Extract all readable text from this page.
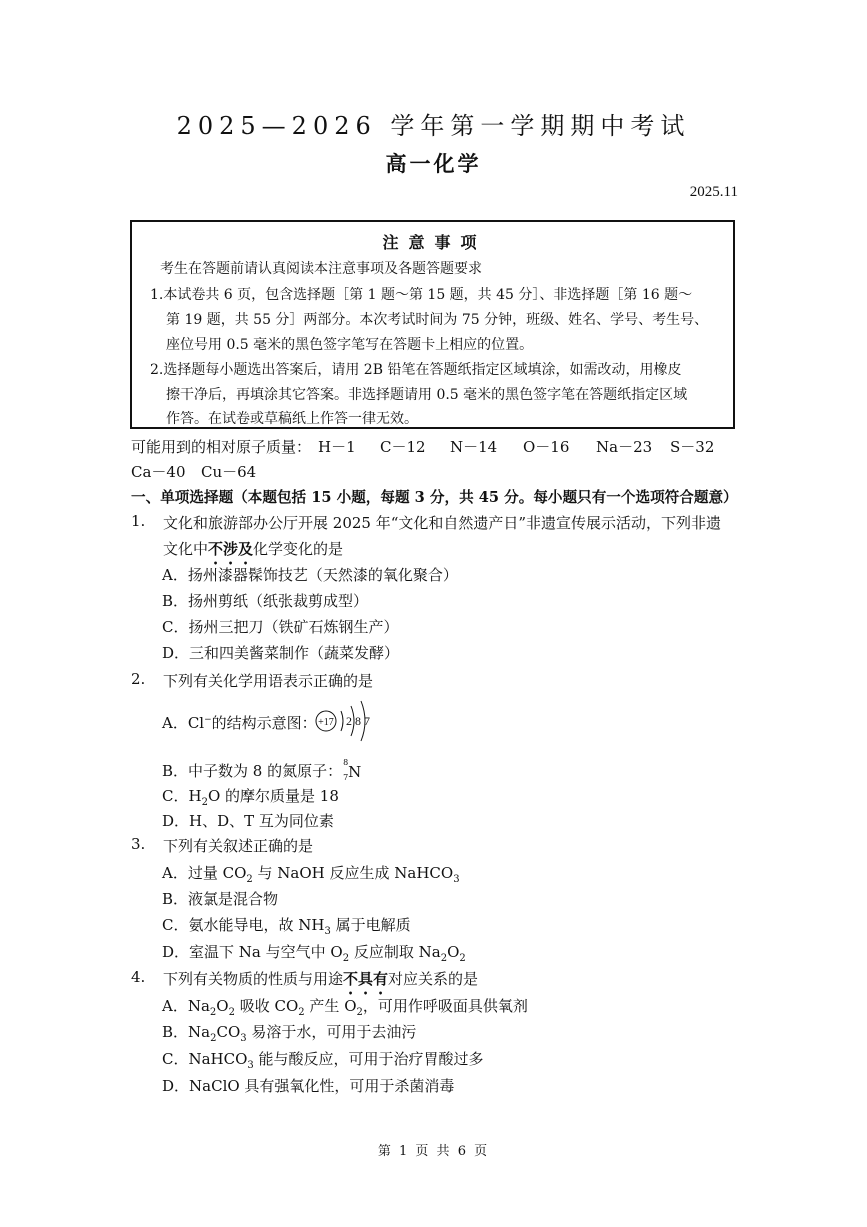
2025—2026 学年第一学期期中考试
高一化学
2025.11
注意事项
考生在答题前请认真阅读本注意事项及各题答题要求
1.本试卷共 6 页，包含选择题［第 1 题～第 15 题，共 45 分］、非选择题［第 16 题～
第 19 题，共 55 分］两部分。本次考试时间为 75 分钟，班级、姓名、学号、考生号、
座位号用 0.5 毫米的黑色签字笔写在答题卡上相应的位置。
2.选择题每小题选出答案后，请用 2B 铅笔在答题纸指定区域填涂，如需改动，用橡皮
擦干净后，再填涂其它答案。非选择题请用 0.5 毫米的黑色签字笔在答题纸指定区域
作答。在试卷或草稿纸上作答一律无效。
可能用到的相对原子质量： H－1 C－12 N－14 O－16 Na－23 S－32
Ca－40 Cu－64
一、单项选择题（本题包括 15 小题，每题 3 分，共 45 分。每小题只有一个选项符合题意）
1. 文化和旅游部办公厅开展 2025 年“文化和自然遗产日”非遗宣传展示活动，下列非遗
文化中不涉及化学变化的是
A．扬州漆器髹饰技艺（天然漆的氧化聚合）
B．扬州剪纸（纸张裁剪成型）
C．扬州三把刀（铁矿石炼钢生产）
D．三和四美酱菜制作（蔬菜发酵）
2. 下列有关化学用语表示正确的是
A．Cl−的结构示意图： +17 2 8 7
B．中子数为 8 的氮原子： 8
7 N
C．$H_2O$ 的摩尔质量是 18
D．H、D、T 互为同位素
3. 下列有关叙述正确的是
A．过量 $CO_2$ 与 NaOH 反应生成 NaHCO$_3$
B．液氯是混合物
C．氨水能导电，故 $NH_3$ 属于电解质
D．室温下 Na 与空气中 $O_2$ 反应制取 $Na_2O_2$
4. 下列有关物质的性质与用途不具有对应关系的是
A．$Na_2O_2$ 吸收 $CO_2$ 产生 $O_2$，可用作呼吸面具供氧剂
B．$Na_2CO_3$ 易溶于水，可用于去油污
C．NaHCO$_3$ 能与酸反应，可用于治疗胃酸过多
D．NaClO 具有强氧化性，可用于杀菌消毒
第 1 页 共 6 页
